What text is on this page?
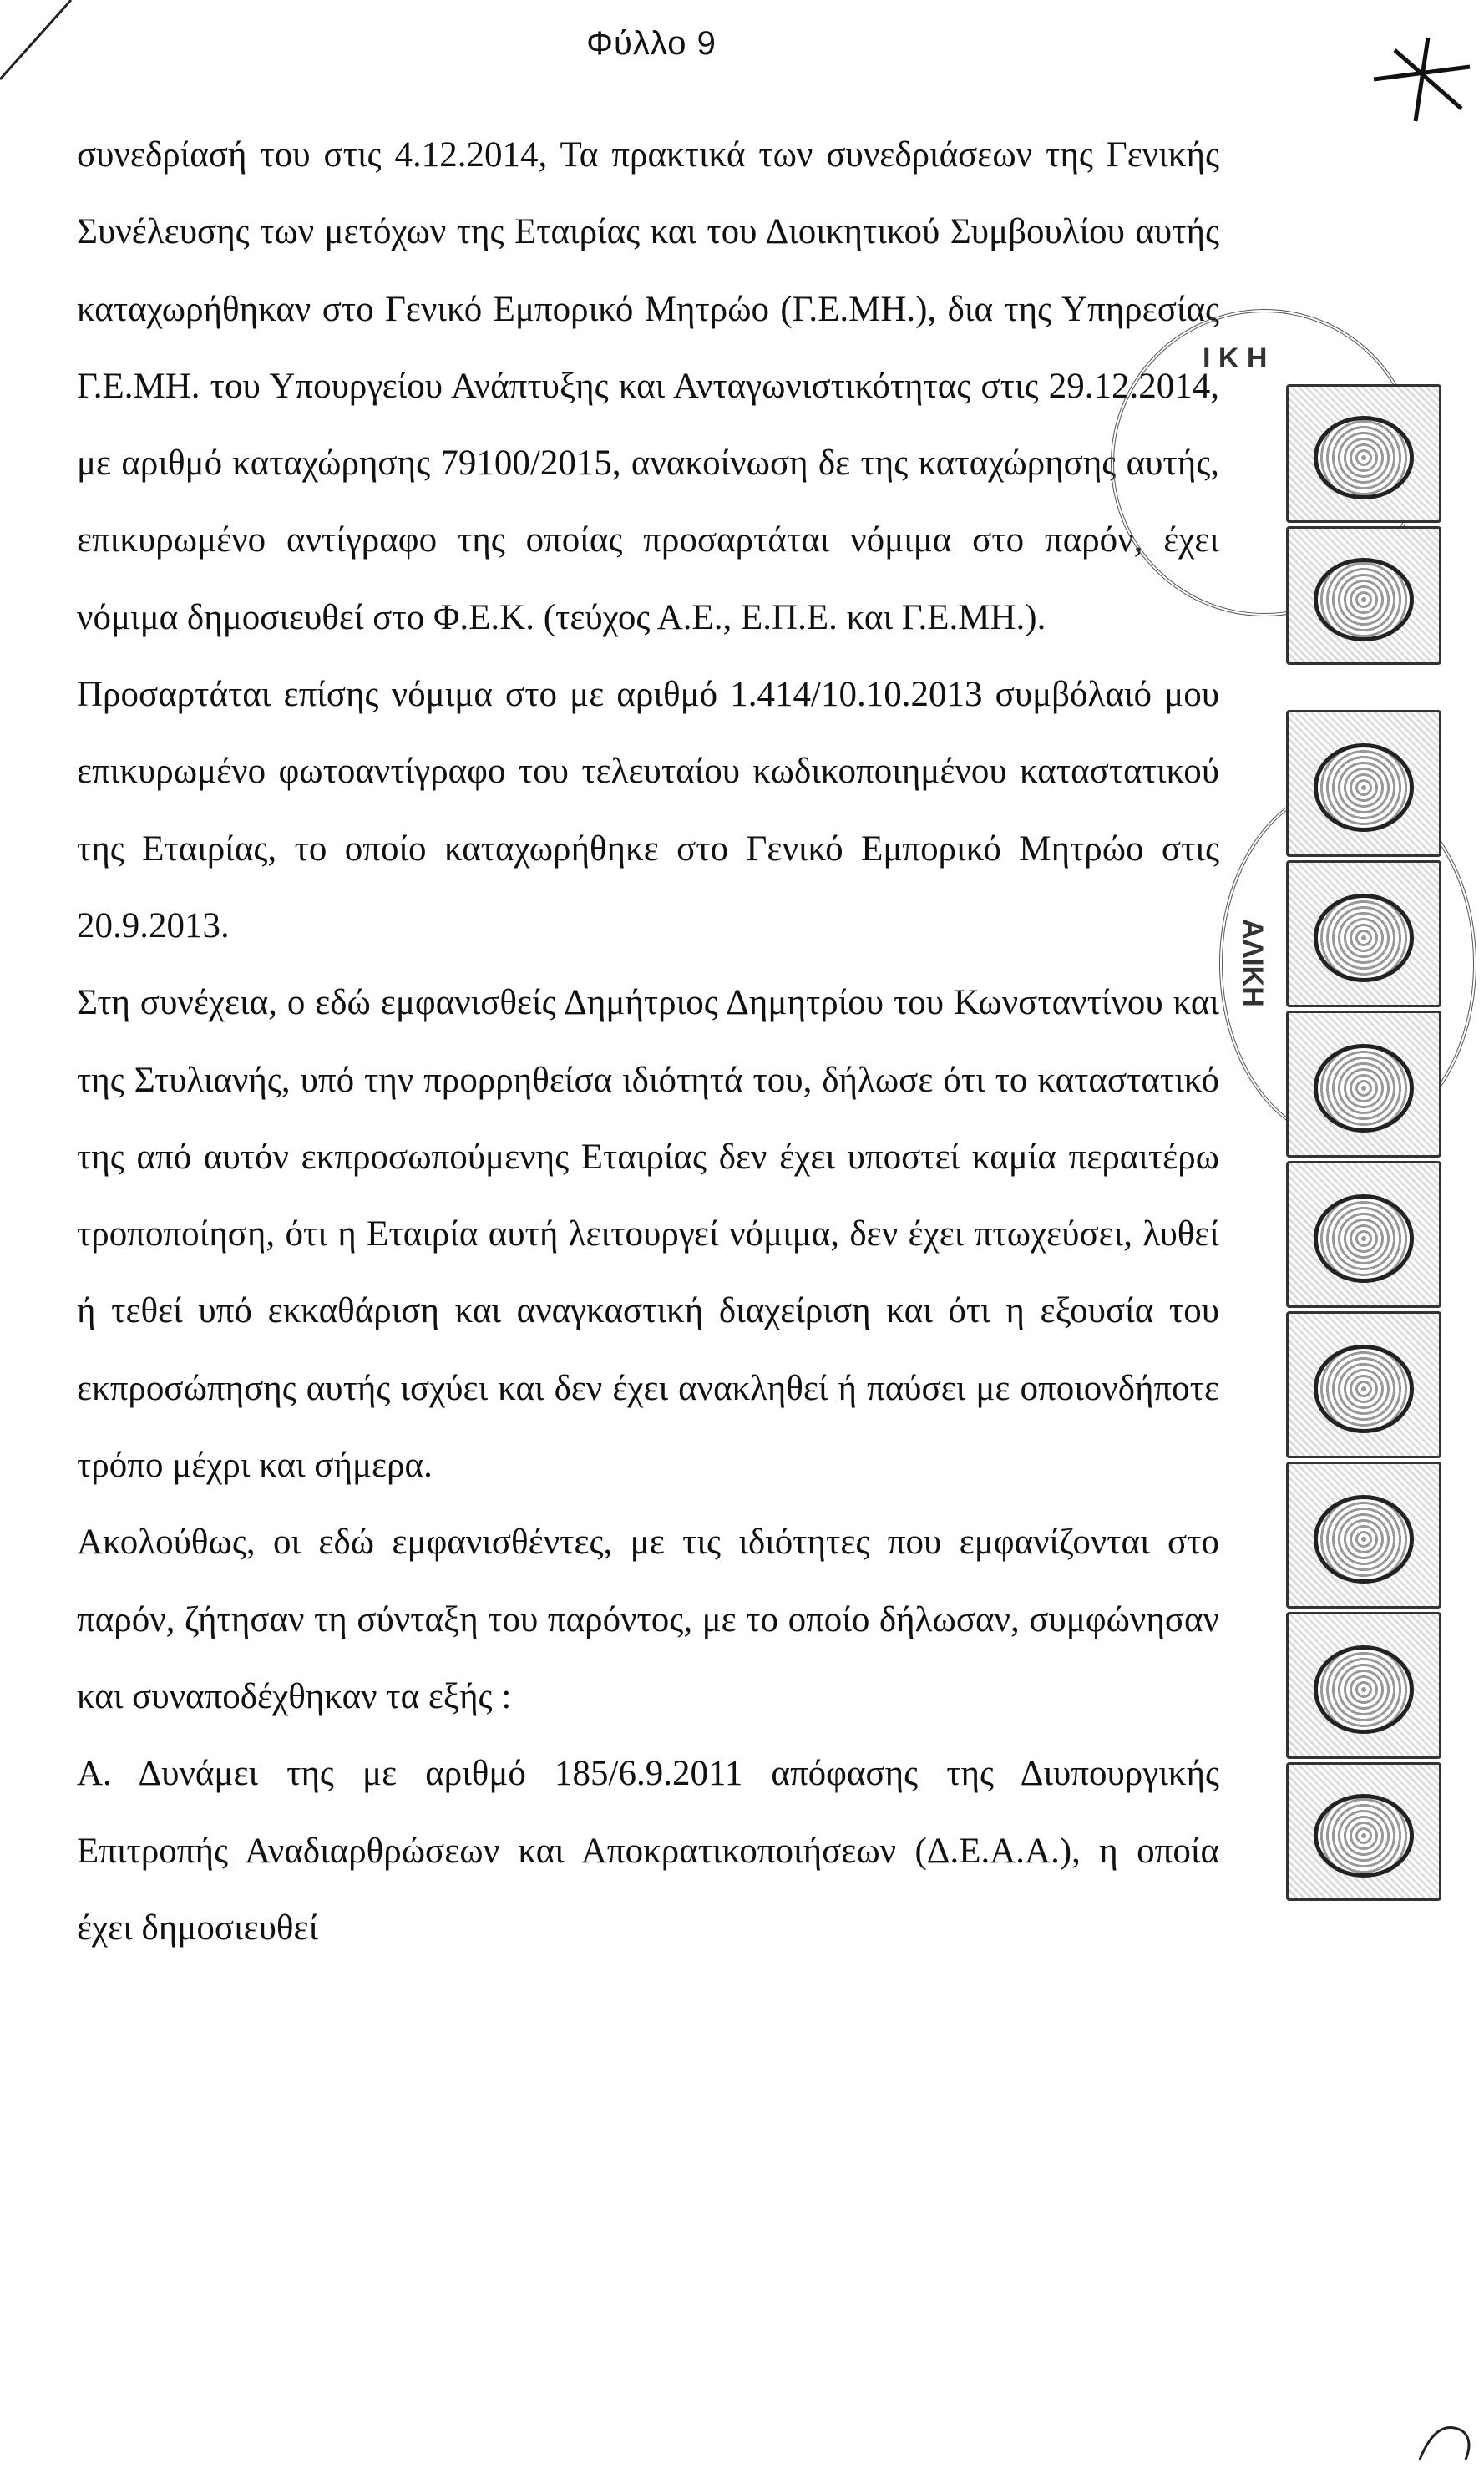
Φύλλο 9

συνεδρίασή του στις 4.12.2014, Τα πρακτικά των συνεδριάσεων της Γενικής Συνέλευσης των μετόχων της Εταιρίας και του Διοικητικού Συμβουλίου αυτής καταχωρήθηκαν στο Γενικό Εμπορικό Μητρώο (Γ.Ε.ΜΗ.), δια της Υπηρεσίας Γ.Ε.ΜΗ. του Υπουργείου Ανάπτυξης και Ανταγωνιστικότητας στις 29.12.2014, με αριθμό καταχώρησης 79100/2015, ανακοίνωση δε της καταχώρησης αυτής, επικυρωμένο αντίγραφο της οποίας προσαρτάται νόμιμα στο παρόν, έχει νόμιμα δημοσιευθεί στο Φ.Ε.Κ. (τεύχος Α.Ε., Ε.Π.Ε. και Γ.Ε.ΜΗ.).

Προσαρτάται επίσης νόμιμα στο με αριθμό 1.414/10.10.2013 συμβόλαιό μου επικυρωμένο φωτοαντίγραφο του τελευταίου κωδικοποιημένου καταστατικού της Εταιρίας, το οποίο καταχωρήθηκε στο Γενικό Εμπορικό Μητρώο στις 20.9.2013.

Στη συνέχεια, ο εδώ εμφανισθείς Δημήτριος Δημητρίου του Κωνσταντίνου και της Στυλιανής, υπό την προρρηθείσα ιδιότητά του, δήλωσε ότι το καταστατικό της από αυτόν εκπροσωπούμενης Εταιρίας δεν έχει υποστεί καμία περαιτέρω τροποποίηση, ότι η Εταιρία αυτή λειτουργεί νόμιμα, δεν έχει πτωχεύσει, λυθεί ή τεθεί υπό εκκαθάριση και αναγκαστική διαχείριση και ότι η εξουσία του εκπροσώπησης αυτής ισχύει και δεν έχει ανακληθεί ή παύσει με οποιονδήποτε τρόπο μέχρι και σήμερα.

Ακολούθως, οι εδώ εμφανισθέντες, με τις ιδιότητες που εμφανίζονται στο παρόν, ζήτησαν τη σύνταξη του παρόντος, με το οποίο δήλωσαν, συμφώνησαν και συναποδέχθηκαν τα εξής :

Α. Δυνάμει της με αριθμό 185/6.9.2011 απόφασης της Διυπουργικής Επιτροπής Αναδιαρθρώσεων και Αποκρατικοποιήσεων (Δ.Ε.Α.Α.), η οποία έχει δημοσιευθεί

Ι Κ Η
ΑΛΙΚΗ
